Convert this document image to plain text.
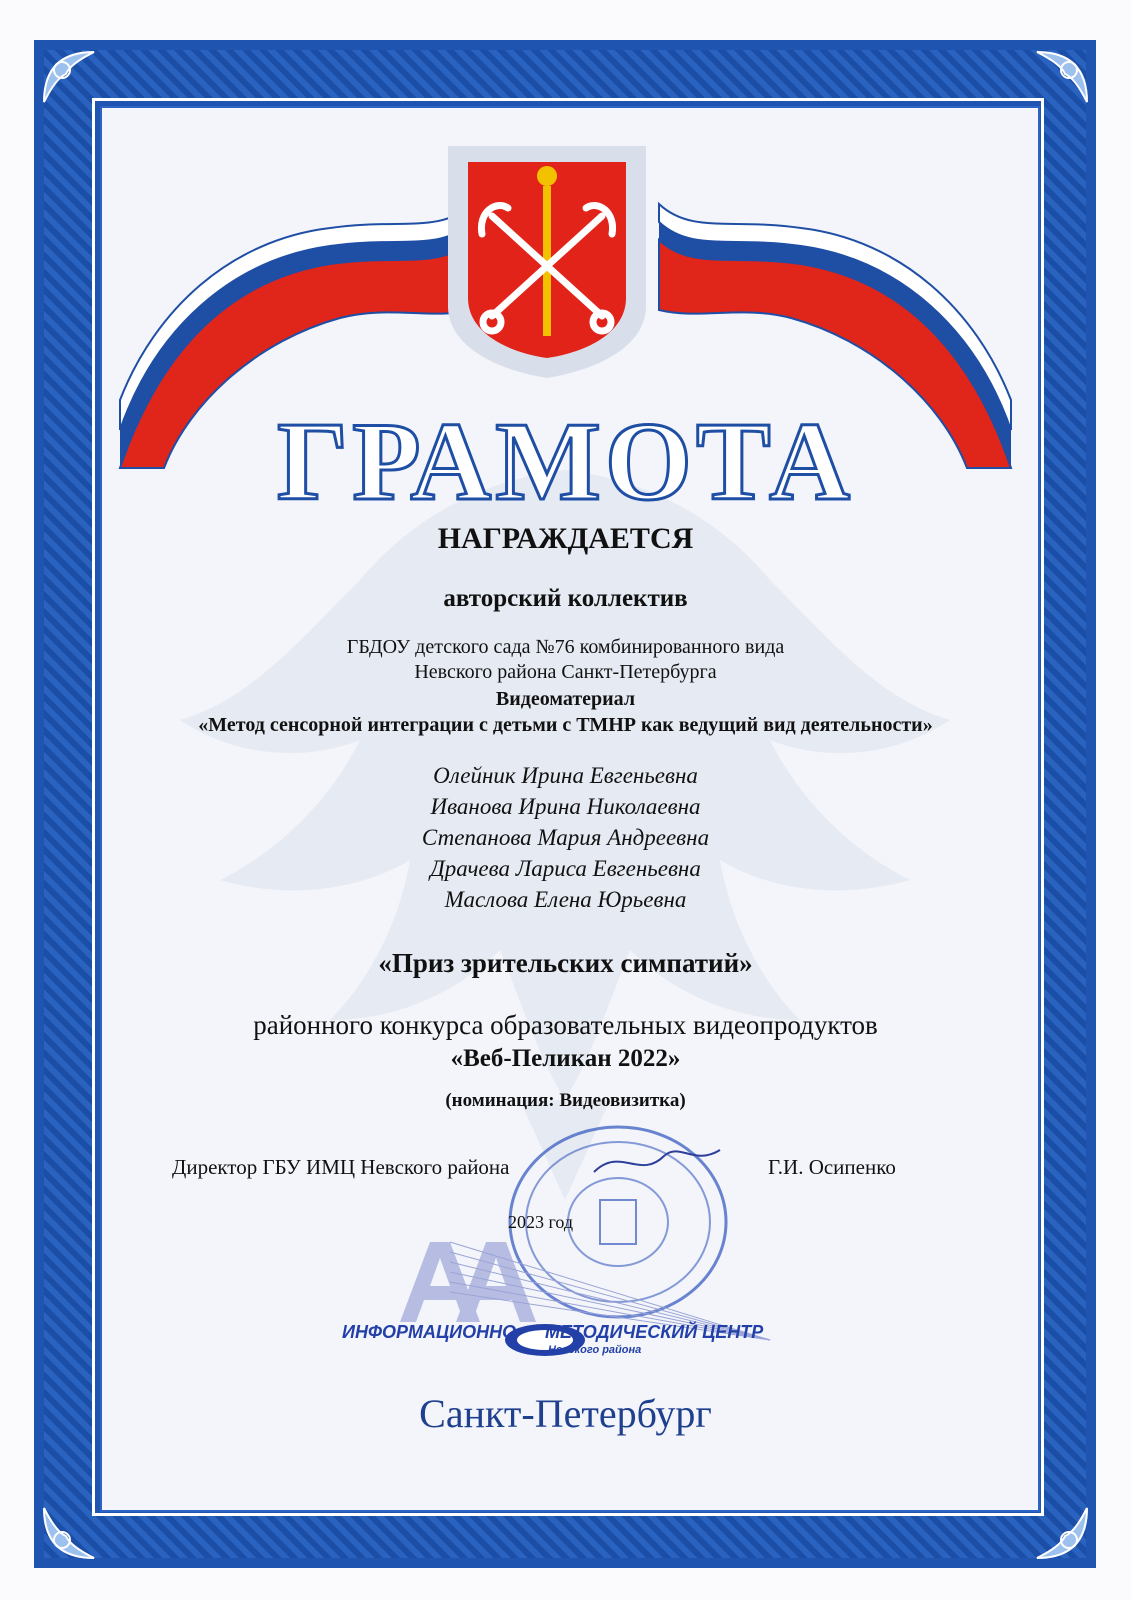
ГРАМОТА
НАГРАЖДАЕТСЯ
авторский коллектив
ГБДОУ детского сада №76 комбинированного вида
Невского района Санкт-Петербурга
Видеоматериал
«Метод сенсорной интеграции с детьми с ТМНР как ведущий вид деятельности»
Олейник Ирина Евгеньевна
Иванова Ирина Николаевна
Степанова Мария Андреевна
Драчева Лариса Евгеньевна
Маслова Елена Юрьевна
«Приз зрительских симпатий»
районного конкурса образовательных видеопродуктов
«Веб-Пеликан 2022»
(номинация: Видеовизитка)
Директор ГБУ ИМЦ Невского района	Г.И. Осипенко
2023 год
ИНФОРМАЦИОННО МЕТОДИЧЕСКИЙ ЦЕНТР
Невского района
Санкт-Петербург
